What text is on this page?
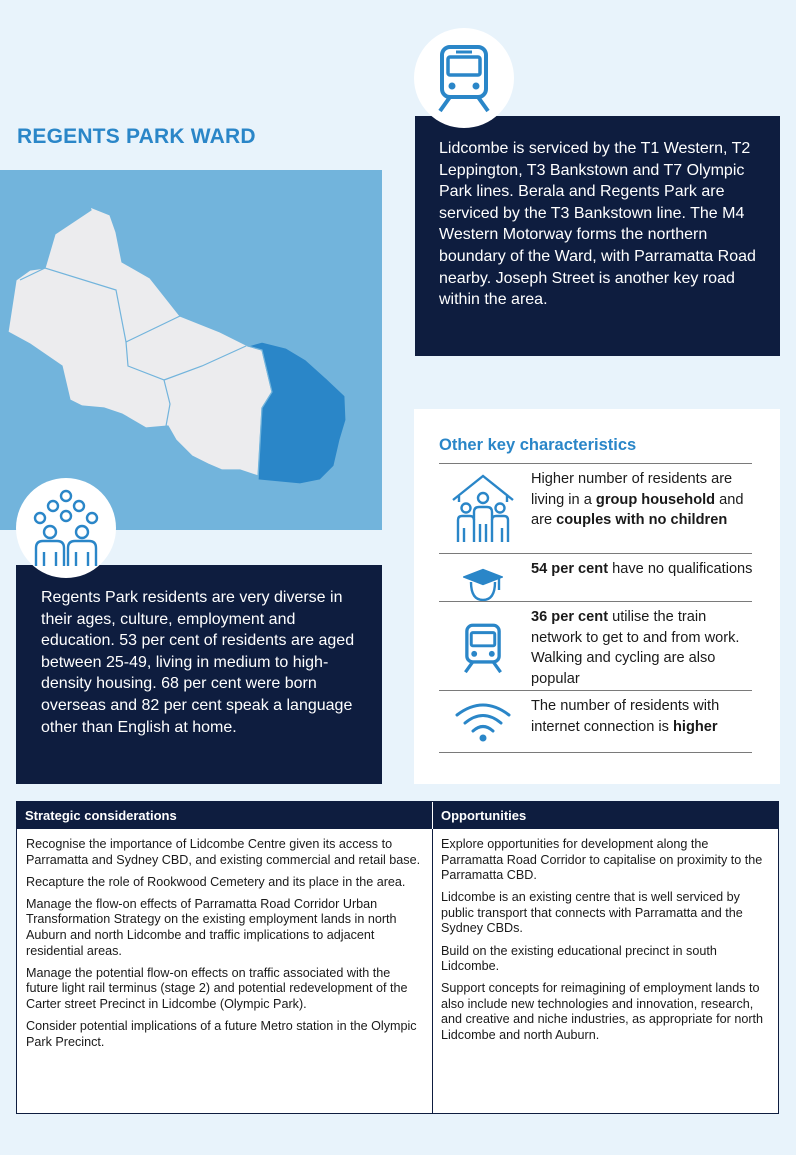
REGENTS PARK WARD

Lidcombe is serviced by the T1 Western, T2 Leppington, T3 Bankstown and T7 Olympic Park lines. Berala and Regents Park are serviced by the T3 Bankstown line. The M4 Western Motorway forms the northern boundary of the Ward, with Parramatta Road nearby. Joseph Street is another key road within the area.

Regents Park residents are very diverse in their ages, culture, employment and education. 53 per cent of residents are aged between 25-49, living in medium to high-density housing. 68 per cent were born overseas and 82 per cent speak a language other than English at home.

Other key characteristics
Higher number of residents are living in a group household and are couples with no children
54 per cent have no qualifications
36 per cent utilise the train network to get to and from work. Walking and cycling are also popular
The number of residents with internet connection is higher
Strategic considerations	Opportunities

Recognise the importance of Lidcombe Centre given its access to Parramatta and Sydney CBD, and existing commercial and retail base.

Recapture the role of Rookwood Cemetery and its place in the area.

Manage the flow-on effects of Parramatta Road Corridor Urban Transformation Strategy on the existing employment lands in north Auburn and north Lidcombe and traffic implications to adjacent residential areas.

Manage the potential flow-on effects on traffic associated with the future light rail terminus (stage 2) and potential redevelopment of the Carter street Precinct in Lidcombe (Olympic Park).

Consider potential implications of a future Metro station in the Olympic Park Precinct.

Explore opportunities for development along the Parramatta Road Corridor to capitalise on proximity to the Parramatta CBD.

Lidcombe is an existing centre that is well serviced by public transport that connects with Parramatta and the Sydney CBDs.

Build on the existing educational precinct in south Lidcombe.

Support concepts for reimagining of employment lands to also include new technologies and innovation, research, and creative and niche industries, as appropriate for north Lidcombe and north Auburn.
